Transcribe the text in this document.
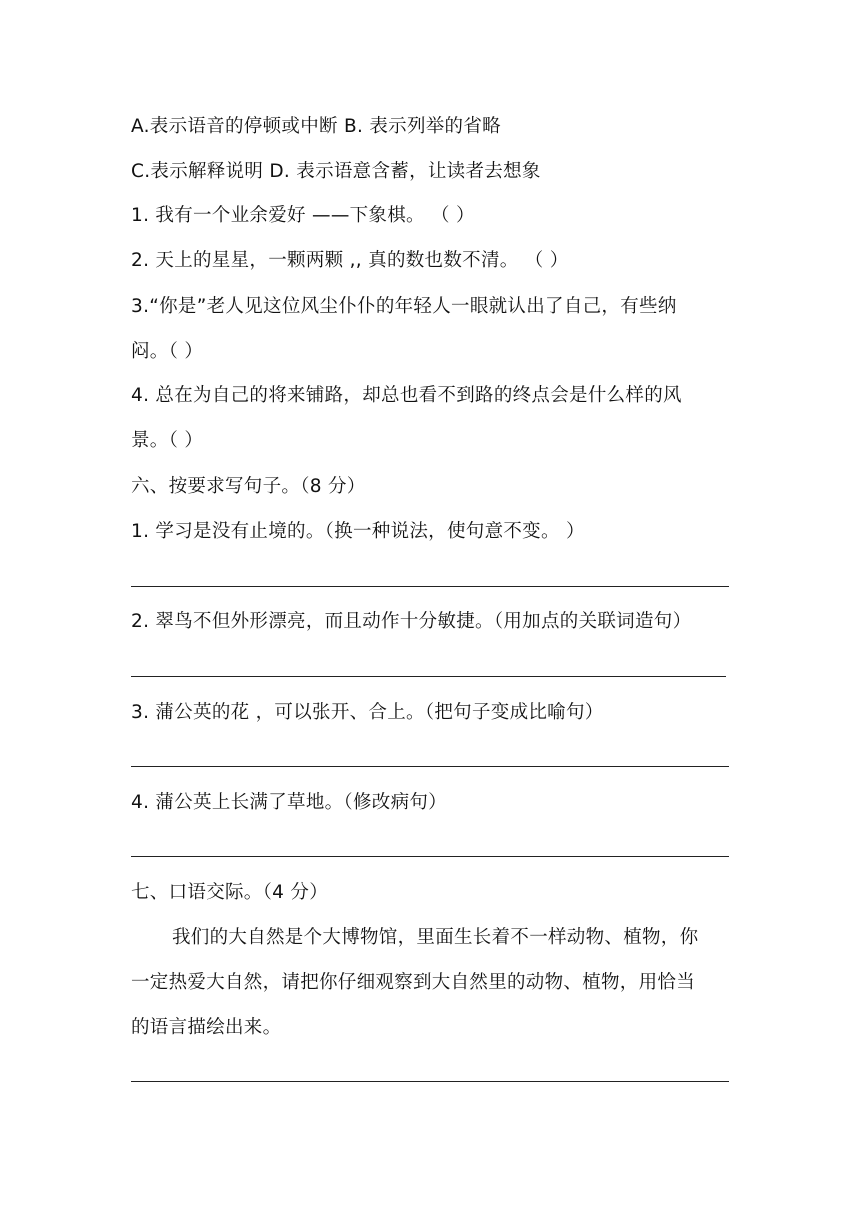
A.表示语音的停顿或中断 B. 表示列举的省略
C.表示解释说明 D. 表示语意含蓄，让读者去想象
1. 我有一个业余爱好 ——下象棋。 （ ）
2. 天上的星星，一颗两颗 ,, 真的数也数不清。 （ ）
3.“你是”老人见这位风尘仆仆的年轻人一眼就认出了自己，有些纳
闷。（ ）
4. 总在为自己的将来铺路，却总也看不到路的终点会是什么样的风
景。（ ）
六、按要求写句子。（8 分）
1. 学习是没有止境的。（换一种说法，使句意不变。 ）
2. 翠鸟不但外形漂亮，而且动作十分敏捷。（用加点的关联词造句）
3. 蒲公英的花 ，可以张开、合上。（把句子变成比喻句）
4. 蒲公英上长满了草地。（修改病句）
七、口语交际。（4 分）
我们的大自然是个大博物馆，里面生长着不一样动物、植物，你
一定热爱大自然，请把你仔细观察到大自然里的动物、植物，用恰当
的语言描绘出来。
